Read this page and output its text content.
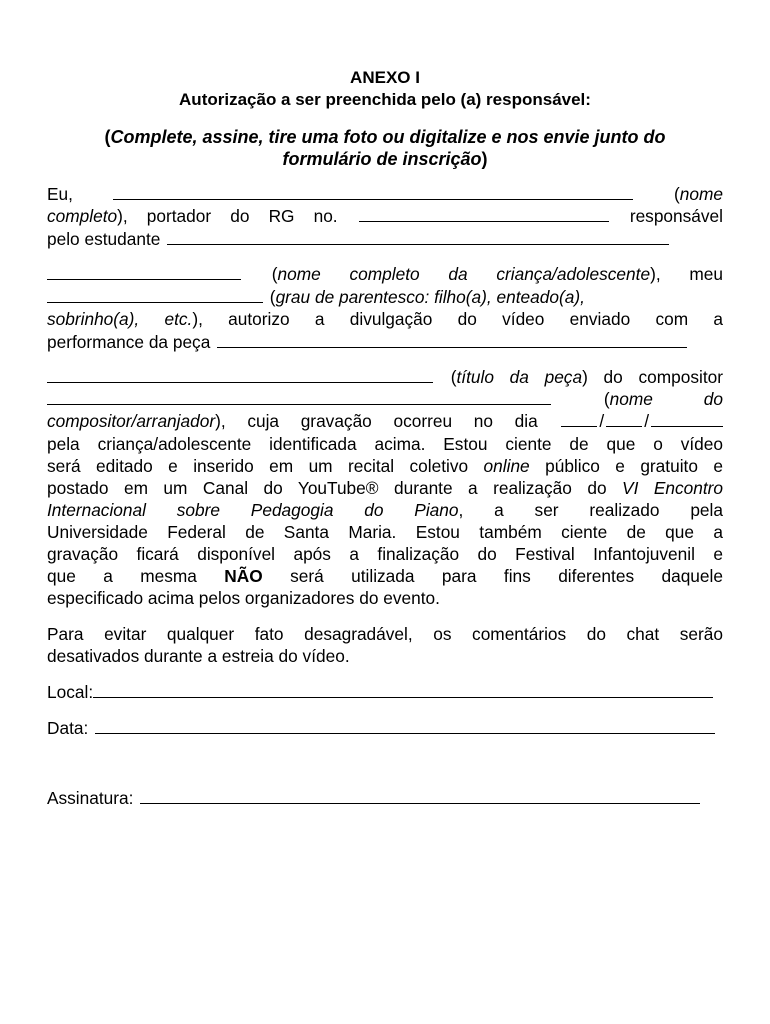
ANEXO I

Autorização a ser preenchida pelo (a) responsável:

(Complete, assine, tire uma foto ou digitalize e nos envie junto do formulário de inscrição)

Eu,	(nome

completo), portador do RG no.	responsável

pelo estudante

(nome completo da criança/adolescente), meu

(grau de parentesco: filho(a), enteado(a),

sobrinho(a), etc.), autorizo a divulgação do vídeo enviado com a

performance da peça

(título da peça) do compositor

(nome do

compositor/arranjador), cuja gravação ocorreu no dia / /

pela criança/adolescente identificada acima. Estou ciente de que o vídeo

será editado e inserido em um recital coletivo online público e gratuito e

postado em um Canal do YouTube® durante a realização do VI Encontro

Internacional sobre Pedagogia do Piano, a ser realizado pela

Universidade Federal de Santa Maria. Estou também ciente de que a

gravação ficará disponível após a finalização do Festival Infantojuvenil e

que a mesma NÃO será utilizada para fins diferentes daquele

especificado acima pelos organizadores do evento.

Para evitar qualquer fato desagradável, os comentários do chat serão

desativados durante a estreia do vídeo.

Local:

Data:

Assinatura:
